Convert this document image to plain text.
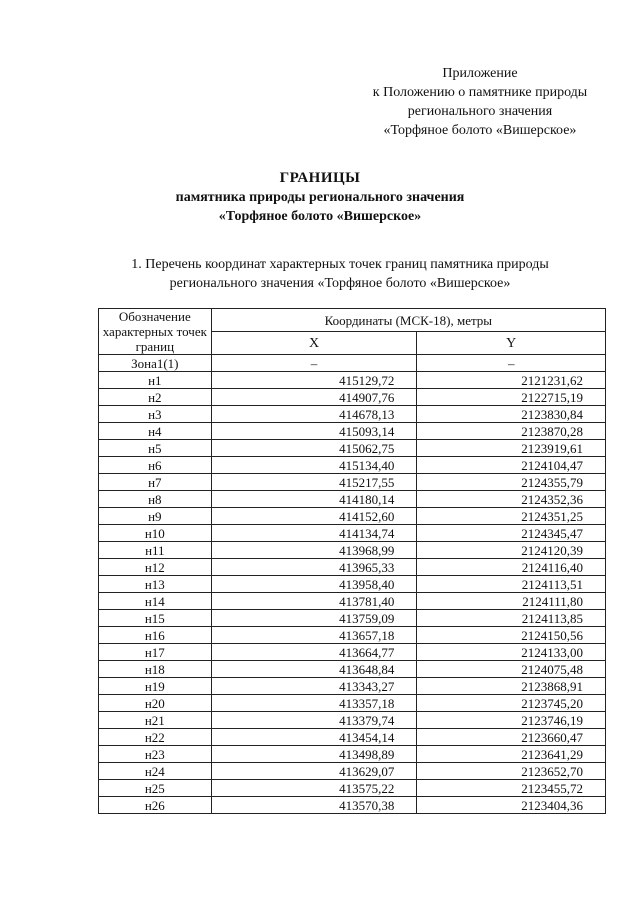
Приложение
к Положению о памятнике природы
регионального значения
«Торфяное болото «Вишерское»
ГРАНИЦЫ
памятника природы регионального значения
«Торфяное болото «Вишерское»
1. Перечень координат характерных точек границ памятника природы
регионального значения «Торфяное болото «Вишерское»
Обозначение характерных точек границ	Координаты (МСК-18), метры	
	X	Y
Зона1(1)	–	–
н1	415129,72	2121231,62
н2	414907,76	2122715,19
н3	414678,13	2123830,84
н4	415093,14	2123870,28
н5	415062,75	2123919,61
н6	415134,40	2124104,47
н7	415217,55	2124355,79
н8	414180,14	2124352,36
н9	414152,60	2124351,25
н10	414134,74	2124345,47
н11	413968,99	2124120,39
н12	413965,33	2124116,40
н13	413958,40	2124113,51
н14	413781,40	2124111,80
н15	413759,09	2124113,85
н16	413657,18	2124150,56
н17	413664,77	2124133,00
н18	413648,84	2124075,48
н19	413343,27	2123868,91
н20	413357,18	2123745,20
н21	413379,74	2123746,19
н22	413454,14	2123660,47
н23	413498,89	2123641,29
н24	413629,07	2123652,70
н25	413575,22	2123455,72
н26	413570,38	2123404,36
